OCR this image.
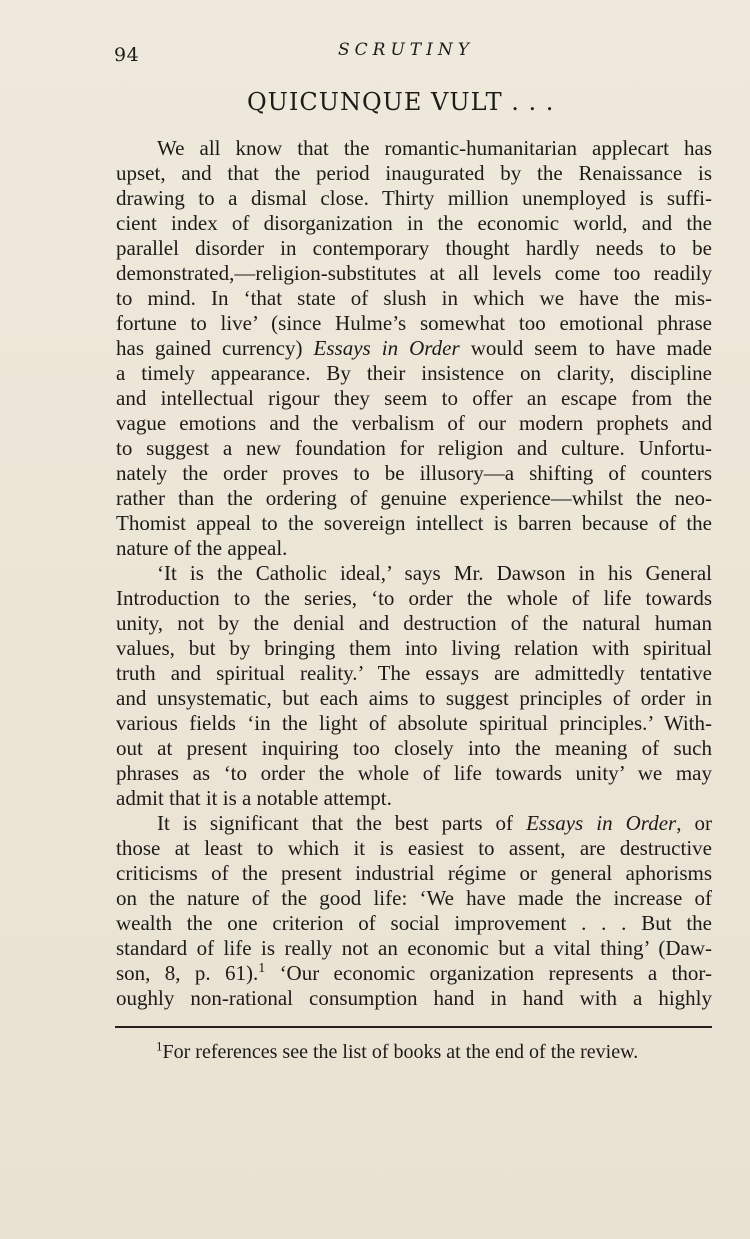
94	SCRUTINY
QUICUNQUE VULT . . .

We all know that the romantic-humanitarian applecart has
upset, and that the period inaugurated by the Renaissance is
drawing to a dismal close. Thirty million unemployed is suffi-
cient index of disorganization in the economic world, and the
parallel disorder in contemporary thought hardly needs to be
demonstrated,—religion-substitutes at all levels come too readily
to mind. In ‘that state of slush in which we have the mis-
fortune to live’ (since Hulme’s somewhat too emotional phrase
has gained currency) Essays in Order would seem to have made
a timely appearance. By their insistence on clarity, discipline
and intellectual rigour they seem to offer an escape from the
vague emotions and the verbalism of our modern prophets and
to suggest a new foundation for religion and culture. Unfortu-
nately the order proves to be illusory—a shifting of counters
rather than the ordering of genuine experience—whilst the neo-
Thomist appeal to the sovereign intellect is barren because of the
nature of the appeal.

‘It is the Catholic ideal,’ says Mr. Dawson in his General
Introduction to the series, ‘to order the whole of life towards
unity, not by the denial and destruction of the natural human
values, but by bringing them into living relation with spiritual
truth and spiritual reality.’ The essays are admittedly tentative
and unsystematic, but each aims to suggest principles of order in
various fields ‘in the light of absolute spiritual principles.’ With-
out at present inquiring too closely into the meaning of such
phrases as ‘to order the whole of life towards unity’ we may
admit that it is a notable attempt.

It is significant that the best parts of Essays in Order, or
those at least to which it is easiest to assent, are destructive
criticisms of the present industrial régime or general aphorisms
on the nature of the good life: ‘We have made the increase of
wealth the one criterion of social improvement . . . But the
standard of life is really not an economic but a vital thing’ (Daw-
son, 8, p. 61).$^1$ ‘Our economic organization represents a thor-
oughly non-rational consumption hand in hand with a highly

$^1$For references see the list of books at the end of the review.
